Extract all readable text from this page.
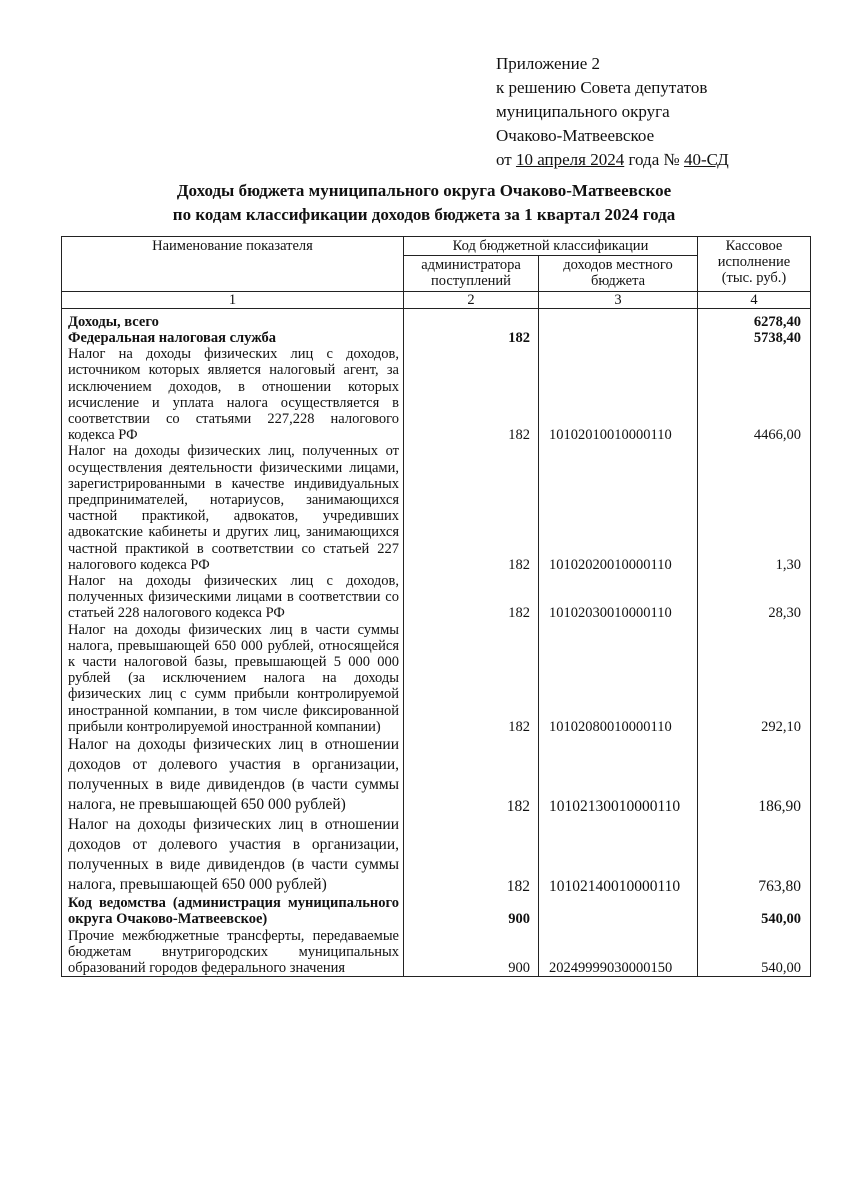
Приложение 2
к решению Совета депутатов
муниципального округа
Очаково-Матвеевское
от 10 апреля 2024 года № 40-СД
Доходы бюджета муниципального округа Очаково-Матвеевское
по кодам классификации доходов бюджета за 1 квартал 2024 года
Наименование показателя	Код бюджетной классификации		Кассовое исполнение (тыс. руб.)
	администратора поступлений	доходов местного бюджета	
1	2	3	4
Доходы, всего			6278,40
Федеральная налоговая служба	182		5738,40
Налог на доходы физических лиц с доходов, источником которых является налоговый агент, за исключением доходов, в отношении которых исчисление и уплата налога осуществляется в соответствии со статьями 227,228 налогового кодекса РФ	182	10102010010000110	4466,00
Налог на доходы физических лиц, полученных от осуществления деятельности физическими лицами, зарегистрированными в качестве индивидуальных предпринимателей, нотариусов, занимающихся частной практикой, адвокатов, учредивших адвокатские кабинеты и других лиц, занимающихся частной практикой в соответствии со статьей 227 налогового кодекса РФ	182	10102020010000110	1,30
Налог на доходы физических лиц с доходов, полученных физическими лицами в соответствии со статьей 228 налогового кодекса РФ	182	10102030010000110	28,30
Налог на доходы физических лиц в части суммы налога, превышающей 650 000 рублей, относящейся к части налоговой базы, превышающей 5 000 000 рублей (за исключением налога на доходы физических лиц с сумм прибыли контролируемой иностранной компании, в том числе фиксированной прибыли контролируемой иностранной компании)	182	10102080010000110	292,10
Налог на доходы физических лиц в отношении доходов от долевого участия в организации, полученных в виде дивидендов (в части суммы налога, не превышающей 650 000 рублей)	182	10102130010000110	186,90
Налог на доходы физических лиц в отношении доходов от долевого участия в организации, полученных в виде дивидендов (в части суммы налога, превышающей 650 000 рублей)	182	10102140010000110	763,80
Код ведомства (администрация муниципального округа Очаково-Матвеевское)	900		540,00
Прочие межбюджетные трансферты, передаваемые бюджетам внутригородских муниципальных образований городов федерального значения	900	20249999030000150	540,00
